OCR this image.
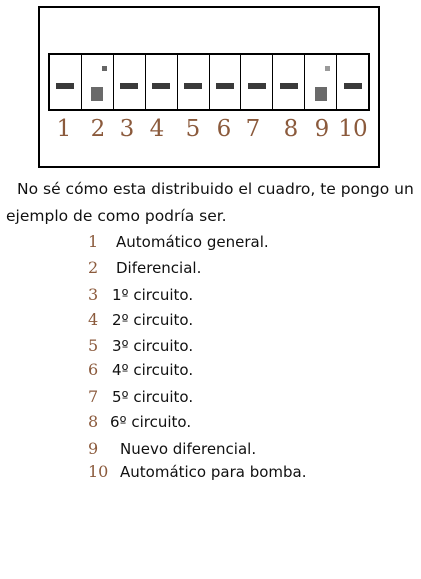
1 2 3 4 5 6 7	8 9 10
No sé cómo esta distribuido el cuadro, te pongo un
ejemplo de como podría ser.
1	Automático general.
2	Diferencial.
3 1º circuito.
4 2º circuito.
5 3º circuito.
6 4º circuito.
7 5º circuito.
8 6º circuito.
9	Nuevo diferencial.
10 Automático para bomba.
